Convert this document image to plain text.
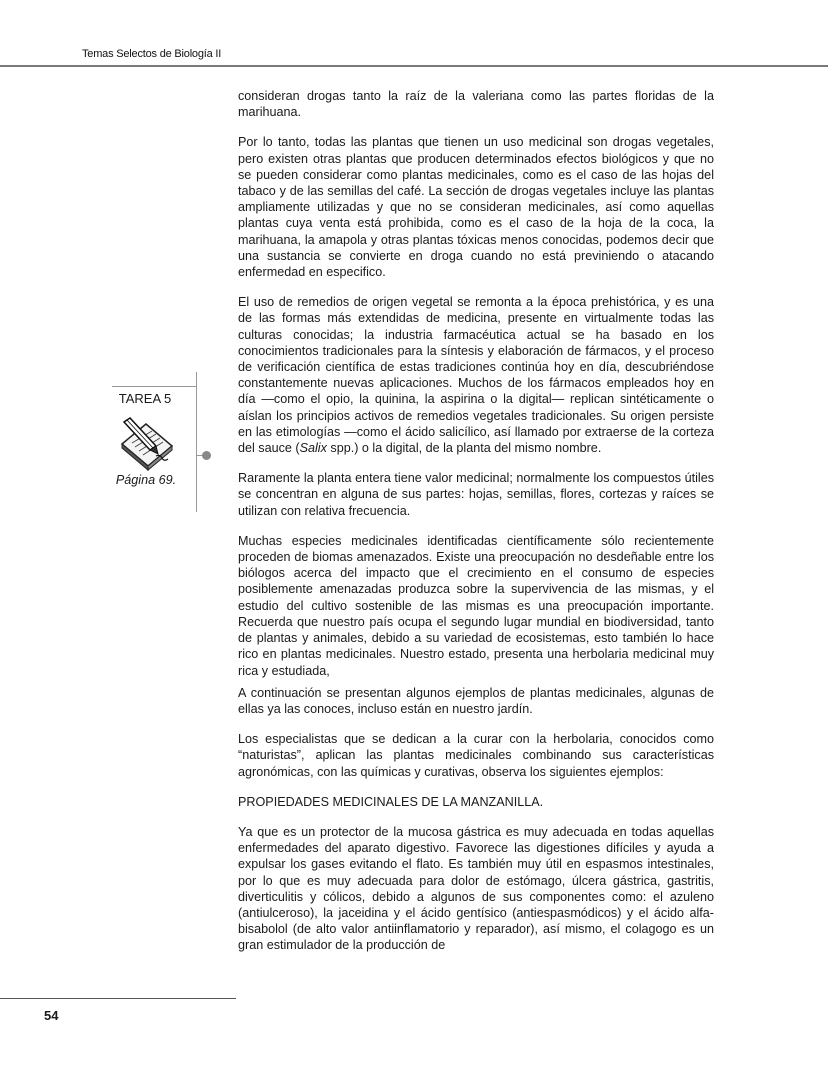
Temas Selectos de Biología II
TAREA 5
Página 69.

consideran drogas tanto la raíz de la valeriana como las partes floridas de la marihuana.

Por lo tanto, todas las plantas que tienen un uso medicinal son drogas vegetales, pero existen otras plantas que producen determinados efectos biológicos y que no se pueden considerar como plantas medicinales, como es el caso de las hojas del tabaco y de las semillas del café. La sección de drogas vegetales incluye las plantas ampliamente utilizadas y que no se consideran medicinales, así como aquellas plantas cuya venta está prohibida, como es el caso de la hoja de la coca, la marihuana, la amapola y otras plantas tóxicas menos conocidas, podemos decir que una sustancia se convierte en droga cuando no está previniendo o atacando enfermedad en especifico.

El uso de remedios de origen vegetal se remonta a la época prehistórica, y es una de las formas más extendidas de medicina, presente en virtualmente todas las culturas conocidas; la industria farmacéutica actual se ha basado en los conocimientos tradicionales para la síntesis y elaboración de fármacos, y el proceso de verificación científica de estas tradiciones continúa hoy en día, descubriéndose constantemente nuevas aplicaciones. Muchos de los fármacos empleados hoy en día —como el opio, la quinina, la aspirina o la digital— replican sintéticamente o aíslan los principios activos de remedios vegetales tradicionales. Su origen persiste en las etimologías —como el ácido salicílico, así llamado por extraerse de la corteza del sauce (Salix spp.) o la digital, de la planta del mismo nombre.

Raramente la planta entera tiene valor medicinal; normalmente los compuestos útiles se concentran en alguna de sus partes: hojas, semillas, flores, cortezas y raíces se utilizan con relativa frecuencia.

Muchas especies medicinales identificadas científicamente sólo recientemente proceden de biomas amenazados. Existe una preocupación no desdeñable entre los biólogos acerca del impacto que el crecimiento en el consumo de especies posiblemente amenazadas produzca sobre la supervivencia de las mismas, y el estudio del cultivo sostenible de las mismas es una preocupación importante. Recuerda que nuestro país ocupa el segundo lugar mundial en biodiversidad, tanto de plantas y animales, debido a su variedad de ecosistemas, esto también lo hace rico en plantas medicinales. Nuestro estado, presenta una herbolaria medicinal muy rica y estudiada,

A continuación se presentan algunos ejemplos de plantas medicinales, algunas de ellas ya las conoces, incluso están en nuestro jardín.

Los especialistas que se dedican a la curar con la herbolaria, conocidos como “naturistas”, aplican las plantas medicinales combinando sus características agronómicas, con las químicas y curativas, observa los siguientes ejemplos:

PROPIEDADES MEDICINALES DE LA MANZANILLA.

Ya que es un protector de la mucosa gástrica es muy adecuada en todas aquellas enfermedades del aparato digestivo. Favorece las digestiones difíciles y ayuda a expulsar los gases evitando el flato. Es también muy útil en espasmos intestinales, por lo que es muy adecuada para dolor de estómago, úlcera gástrica, gastritis, diverticulitis y cólicos, debido a algunos de sus componentes como: el azuleno (antiulceroso), la jaceidina y el ácido gentísico (antiespasmódicos) y el ácido alfa-bisabolol (de alto valor antiinflamatorio y reparador), así mismo, el colagogo es un gran estimulador de la producción de

54
